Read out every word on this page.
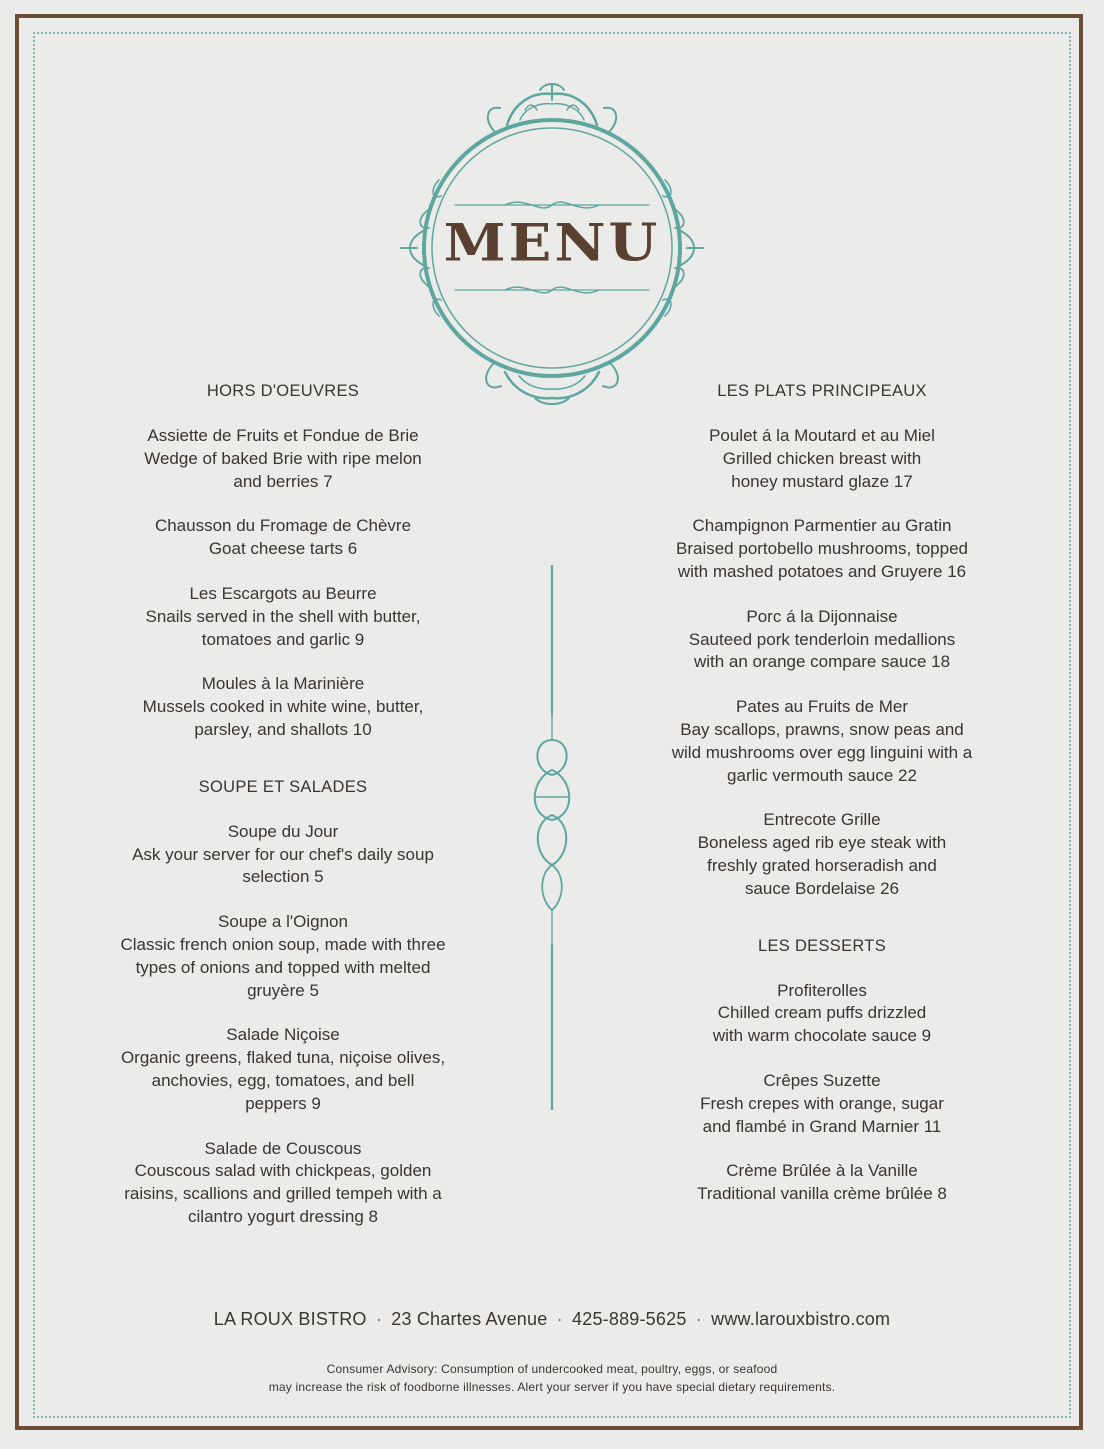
MENU
HORS D'OEUVRES
Assiette de Fruits et Fondue de Brie
Wedge of baked Brie with ripe melon
and berries 7
Chausson du Fromage de Chèvre
Goat cheese tarts 6
Les Escargots au Beurre
Snails served in the shell with butter,
tomatoes and garlic 9
Moules à la Marinière
Mussels cooked in white wine, butter,
parsley, and shallots 10
SOUPE ET SALADES
Soupe du Jour
Ask your server for our chef's daily soup
selection 5
Soupe a l'Oignon
Classic french onion soup, made with three
types of onions and topped with melted
gruyère 5
Salade Niçoise
Organic greens, flaked tuna, niçoise olives,
anchovies, egg, tomatoes, and bell
peppers 9
Salade de Couscous
Couscous salad with chickpeas, golden
raisins, scallions and grilled tempeh with a
cilantro yogurt dressing 8
LES PLATS PRINCIPEAUX
Poulet á la Moutard et au Miel
Grilled chicken breast with
honey mustard glaze 17
Champignon Parmentier au Gratin
Braised portobello mushrooms, topped
with mashed potatoes and Gruyere 16
Porc á la Dijonnaise
Sauteed pork tenderloin medallions
with an orange compare sauce 18
Pates au Fruits de Mer
Bay scallops, prawns, snow peas and
wild mushrooms over egg linguini with a
garlic vermouth sauce 22
Entrecote Grille
Boneless aged rib eye steak with
freshly grated horseradish and
sauce Bordelaise 26
LES DESSERTS
Profiterolles
Chilled cream puffs drizzled
with warm chocolate sauce 9
Crêpes Suzette
Fresh crepes with orange, sugar
and flambé in Grand Marnier 11
Crème Brûlée à la Vanille
Traditional vanilla crème brûlée 8
LA ROUX BISTRO · 23 Chartes Avenue · 425-889-5625 · www.larouxbistro.com
Consumer Advisory: Consumption of undercooked meat, poultry, eggs, or seafood
may increase the risk of foodborne illnesses. Alert your server if you have special dietary requirements.
